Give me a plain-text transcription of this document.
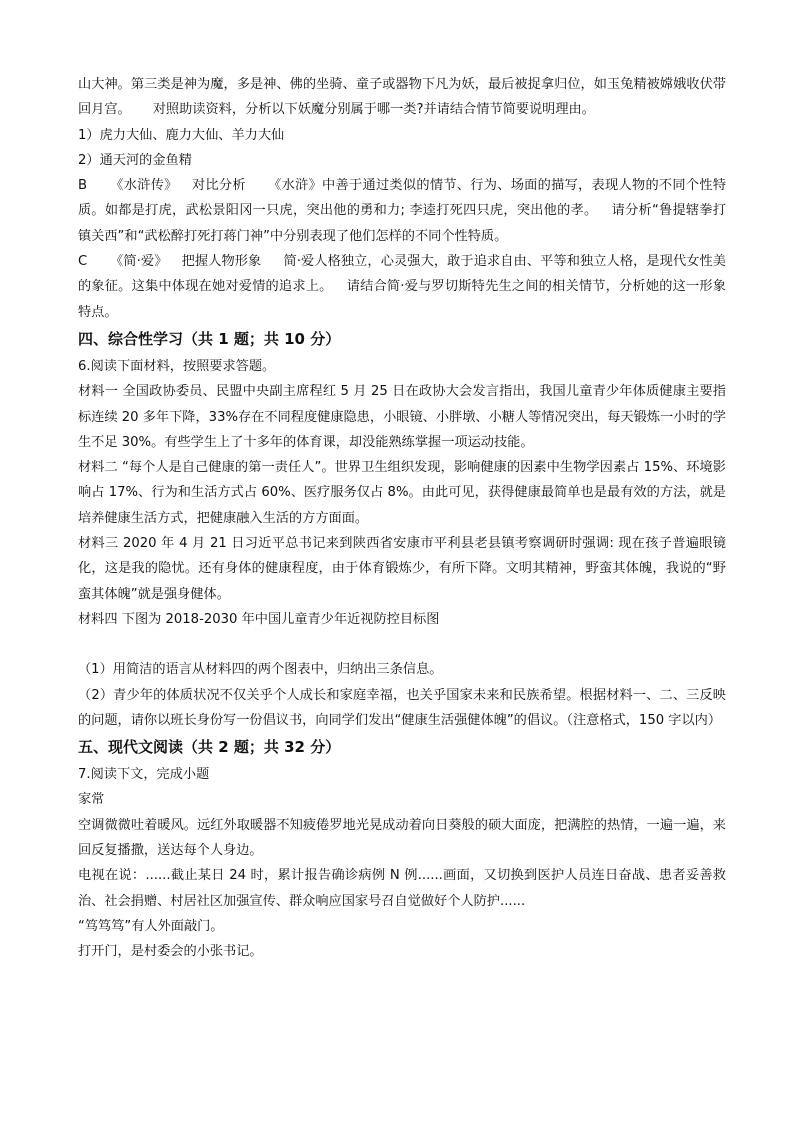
山大神。第三类是神为魔，多是神、佛的坐骑、童子或器物下凡为妖，最后被捉拿归位，如玉兔精被嫦娥收伏带回月宫。 对照助读资料，分析以下妖魔分别属于哪一类?并请结合情节简要说明理由。

1）虎力大仙、鹿力大仙、羊力大仙

2）通天河的金鱼精

B 《水浒传》 对比分析 《水浒》中善于通过类似的情节、行为、场面的描写，表现人物的不同个性特质。如都是打虎，武松景阳冈一只虎，突出他的勇和力; 李逵打死四只虎，突出他的孝。 请分析“鲁提辖拳打镇关西”和“武松醉打死打蒋门神”中分别表现了他们怎样的不同个性特质。

C 《简·爱》 把握人物形象 简·爱人格独立，心灵强大，敢于追求自由、平等和独立人格，是现代女性美的象征。这集中体现在她对爱情的追求上。 请结合简·爱与罗切斯特先生之间的相关情节，分析她的这一形象特点。

四、综合性学习（共 1 题；共 10 分）

6.阅读下面材料，按照要求答题。

材料一 全国政协委员、民盟中央副主席程红 5 月 25 日在政协大会发言指出，我国儿童青少年体质健康主要指标连续 20 多年下降，33%存在不同程度健康隐患，小眼镜、小胖墩、小糖人等情况突出，每天锻炼一小时的学生不足 30%。有些学生上了十多年的体育课，却没能熟练掌握一项运动技能。

材料二 “每个人是自己健康的第一责任人”。世界卫生组织发现，影响健康的因素中生物学因素占 15%、环境影响占 17%、行为和生活方式占 60%、医疗服务仅占 8%。由此可见，获得健康最简单也是最有效的方法，就是培养健康生活方式，把健康融入生活的方方面面。

材料三 2020 年 4 月 21 日习近平总书记来到陕西省安康市平利县老县镇考察调研时强调: 现在孩子普遍眼镜化，这是我的隐忧。还有身体的健康程度，由于体育锻炼少，有所下降。文明其精神，野蛮其体魄，我说的“野蛮其体魄”就是强身健体。

材料四 下图为 2018-2030 年中国儿童青少年近视防控目标图

（1）用简洁的语言从材料四的两个图表中，归纳出三条信息。

（2）青少年的体质状况不仅关乎个人成长和家庭幸福，也关乎国家未来和民族希望。根据材料一、二、三反映的问题，请你以班长身份写一份倡议书，向同学们发出“健康生活强健体魄”的倡议。（注意格式，150 字以内）

五、现代文阅读（共 2 题；共 32 分）

7.阅读下文，完成小题

家常

空调微微吐着暖风。远红外取暖器不知疲倦罗地光晃成动着向日葵般的硕大面庞，把满腔的热情，一遍一遍，来回反复播撒，送达每个人身边。

电视在说：......截止某日 24 时，累计报告确诊病例 N 例......画面，又切换到医护人员连日奋战、患者妥善救治、社会捐赠、村居社区加强宣传、群众响应国家号召自觉做好个人防护......

“笃笃笃”有人外面敲门。

打开门，是村委会的小张书记。
